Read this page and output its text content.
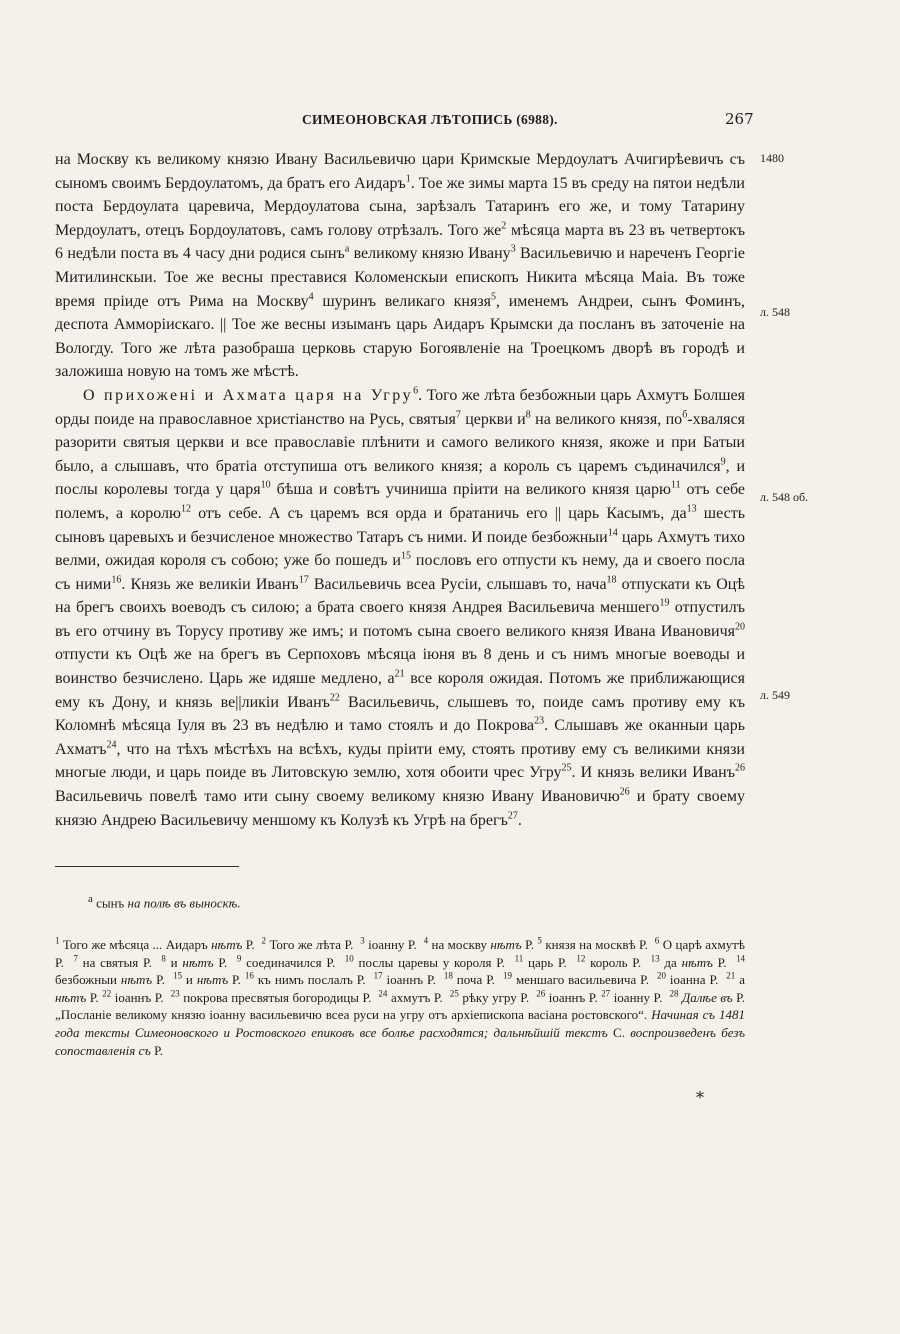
СИМЕОНОВСКАЯ ЛѢТОПИСЬ (6988).	267

на Москву къ великому князю Ивану Васильевичю цари Кримскые Мердоулатъ Ачигирѣевичъ съ сыномъ своимъ Бердоулатомъ, да братъ его Аидаръ$^1$. Тое же зимы марта 15 въ среду на пятои недѣли поста Бердоулата царевича, Мердоулатова сына, зарѣзалъ Татаринъ его же, и тому Татарину Мердоулатъ, отецъ Бордоулатовъ, самъ голову отрѣзалъ. Того $же^2$ мѣсяца марта въ 23 въ четвертокъ 6 недѣли поста въ 4 часу дни родися сынъ$^а$ великому князю Ивану$^3$ Васильевичю и нареченъ Георгіе Митилинскыи. Тое же весны преставися Коломенскыи епископъ Никита мѣсяца Маіа. Въ тоже время пріиде отъ Рима на Москву$^4$ шуринъ великагo князя$^5$, именемъ Андреи, сынъ Фоминъ, деспота Амморіискаго. || Тое же весны изыманъ царь Аидаръ Крымски да посланъ въ заточеніе на Вологду. Того же лѣта разобраша церковь старую Богоявленіе на Троецкомъ дворѣ въ городѣ и заложиша новую на томъ же мѣстѣ.

О прихожені и Ахмата царя на Угру$^6$. Того же лѣта безбожныи царь Ахмутъ Болшея орды поиде на православное христіанство на Русь, святыя$^7$ церкви $и^8$ на великого князя, $по^б$-хваляся разорити святыя церкви и все православіе плѣнити и самого великого князя, якоже и при Батыи было, а слышавъ, что братіа отступиша отъ великого князя; а король съ царемъ съдиначился$^9$, и послы королевы тогда у царя$^{10}$ бѣша и совѣтъ учиниша пріити на великого князя царю$^{11}$ отъ себе полемъ, а королю$^{12}$ отъ себе. А съ царемъ вся орда и братаничь его || царь Касымъ, $да^{13}$ шесть сыновъ царевыхъ и безчисленое множество Татаръ съ ними. И поиде безбожныи$^{14}$ царь Ахмутъ тихо велми, ожидая короля съ собою; уже бо пошедъ $и^{15}$ пословъ его отпусти къ нему, да и своего посла съ ними$^{16}$. Князь же великіи Иванъ$^{17}$ Васильевичь всеа Русіи, слышавъ то, нача$^{18}$ отпускати къ Оцѣ на брегъ своихъ воеводъ съ силою; а брата своего князя Андрея Васильевича меншего$^{19}$ отпустилъ въ его отчину въ Торусу противу же имъ; и потомъ сына своего великого князя Ивана Ивановичя$^{20}$ отпусти къ Оцѣ же на брегъ въ Серпоховъ мѣсяца іюня въ 8 день и съ нимъ многые воеводы и воинство безчислено. Царь же идяше медлено, $а^{21}$ все короля ожидая. Потомъ же приближающися ему къ Дону, и князь ве||ликіи Иванъ$^{22}$ Васильевичь, слышевъ то, поиде самъ противу ему къ Коломнѣ мѣсяца Іуля въ 23 въ недѣлю и тамо стоялъ и до Покрова$^{23}$. Слышавъ же оканныи царь Ахматъ$^{24}$, что на тѣхъ мѣстѣхъ на всѣхъ, куды пріити ему, стоять противу ему съ великими князи многые люди, и царь поиде въ Литовскую землю, хотя обоити чрес Угру$^{25}$. И князь велики Иванъ$^{26}$ Васильевичь повелѣ тамо ити сыну своему великому князю Ивану Ивановичю$^{26}$ и брату своему князю Андрею Васильевичу меншому къ Колузѣ къ Угрѣ на брегъ$^{27}$.

1480
л. 548
л. 548 об.
л. 549
$^а$ сынъ на полѣ въ выноскѣ.
$^1$ Того же мѣсяца ... Аидаръ нѣтъ Р.  $^2$ Того же лѣта Р.  $^3$ іоанну Р.  $^4$ на москву нѣтъ Р. $^5$ князя на москвѣ Р.  $^6$ О царѣ ахмутѣ Р.  $^7$ на святыя Р.  $^8$ и нѣтъ Р.  $^9$ соединачился Р.  $^{10}$ послы царевы у короля Р.  $^{11}$ царь Р.  $^{12}$ король Р.  $^{13}$ да нѣтъ Р.  $^{14}$ безбожныи нѣтъ Р.  $^{15}$ и нѣтъ Р. $^{16}$ къ нимъ послалъ Р.  $^{17}$ іоаннъ Р.  $^{18}$ поча Р.  $^{19}$ меншаго васильевича Р.  $^{20}$ іоанна Р.  $^{21}$ а нѣтъ Р. $^{22}$ іоаннъ Р.  $^{23}$ покрова пресвятыя богородицы Р.  $^{24}$ ахмутъ Р.  $^{25}$ рѣку угру Р.  $^{26}$ іоаннъ Р. $^{27}$ іоанну Р.  $^{28}$ Далѣе въ Р. „Посланіе великому князю іоанну васильевичю всеа руси на угру отъ архіепископа васіана ростовского“. Начиная съ 1481 года тексты Симеоновского и Ростовского епиковъ все болѣе расходятся; дальнѣйшій текстъ С. воспроизведенъ безъ сопоставленія съ Р.
*
